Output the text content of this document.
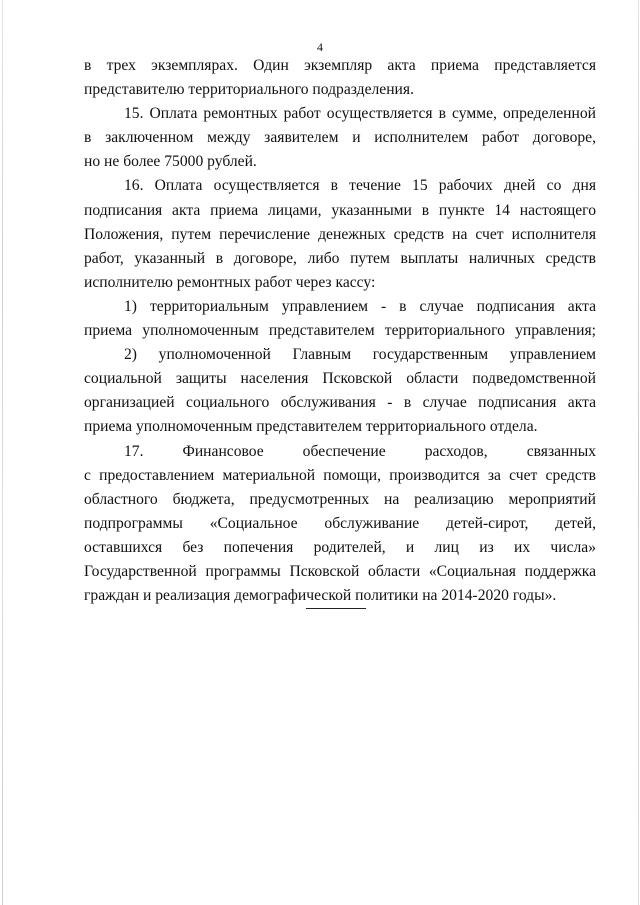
4
в трех экземплярах. Один экземпляр акта приема представляется
представителю территориального подразделения.
15. Оплата ремонтных работ осуществляется в сумме, определенной
в заключенном между заявителем и исполнителем работ договоре,
но не более 75000 рублей.
16. Оплата осуществляется в течение 15 рабочих дней со дня
подписания акта приема лицами, указанными в пункте 14 настоящего
Положения, путем перечисление денежных средств на счет исполнителя
работ, указанный в договоре, либо путем выплаты наличных средств
исполнителю ремонтных работ через кассу:
1) территориальным управлением - в случае подписания акта
приема уполномоченным представителем территориального управления;
2) уполномоченной Главным государственным управлением
социальной защиты населения Псковской области подведомственной
организацией социального обслуживания - в случае подписания акта
приема уполномоченным представителем территориального отдела.
17. Финансовое обеспечение расходов, связанных
с предоставлением материальной помощи, производится за счет средств
областного бюджета, предусмотренных на реализацию мероприятий
подпрограммы «Социальное обслуживание детей-сирот, детей,
оставшихся без попечения родителей, и лиц из их числа»
Государственной программы Псковской области «Социальная поддержка
граждан и реализация демографической политики на 2014-2020 годы».
